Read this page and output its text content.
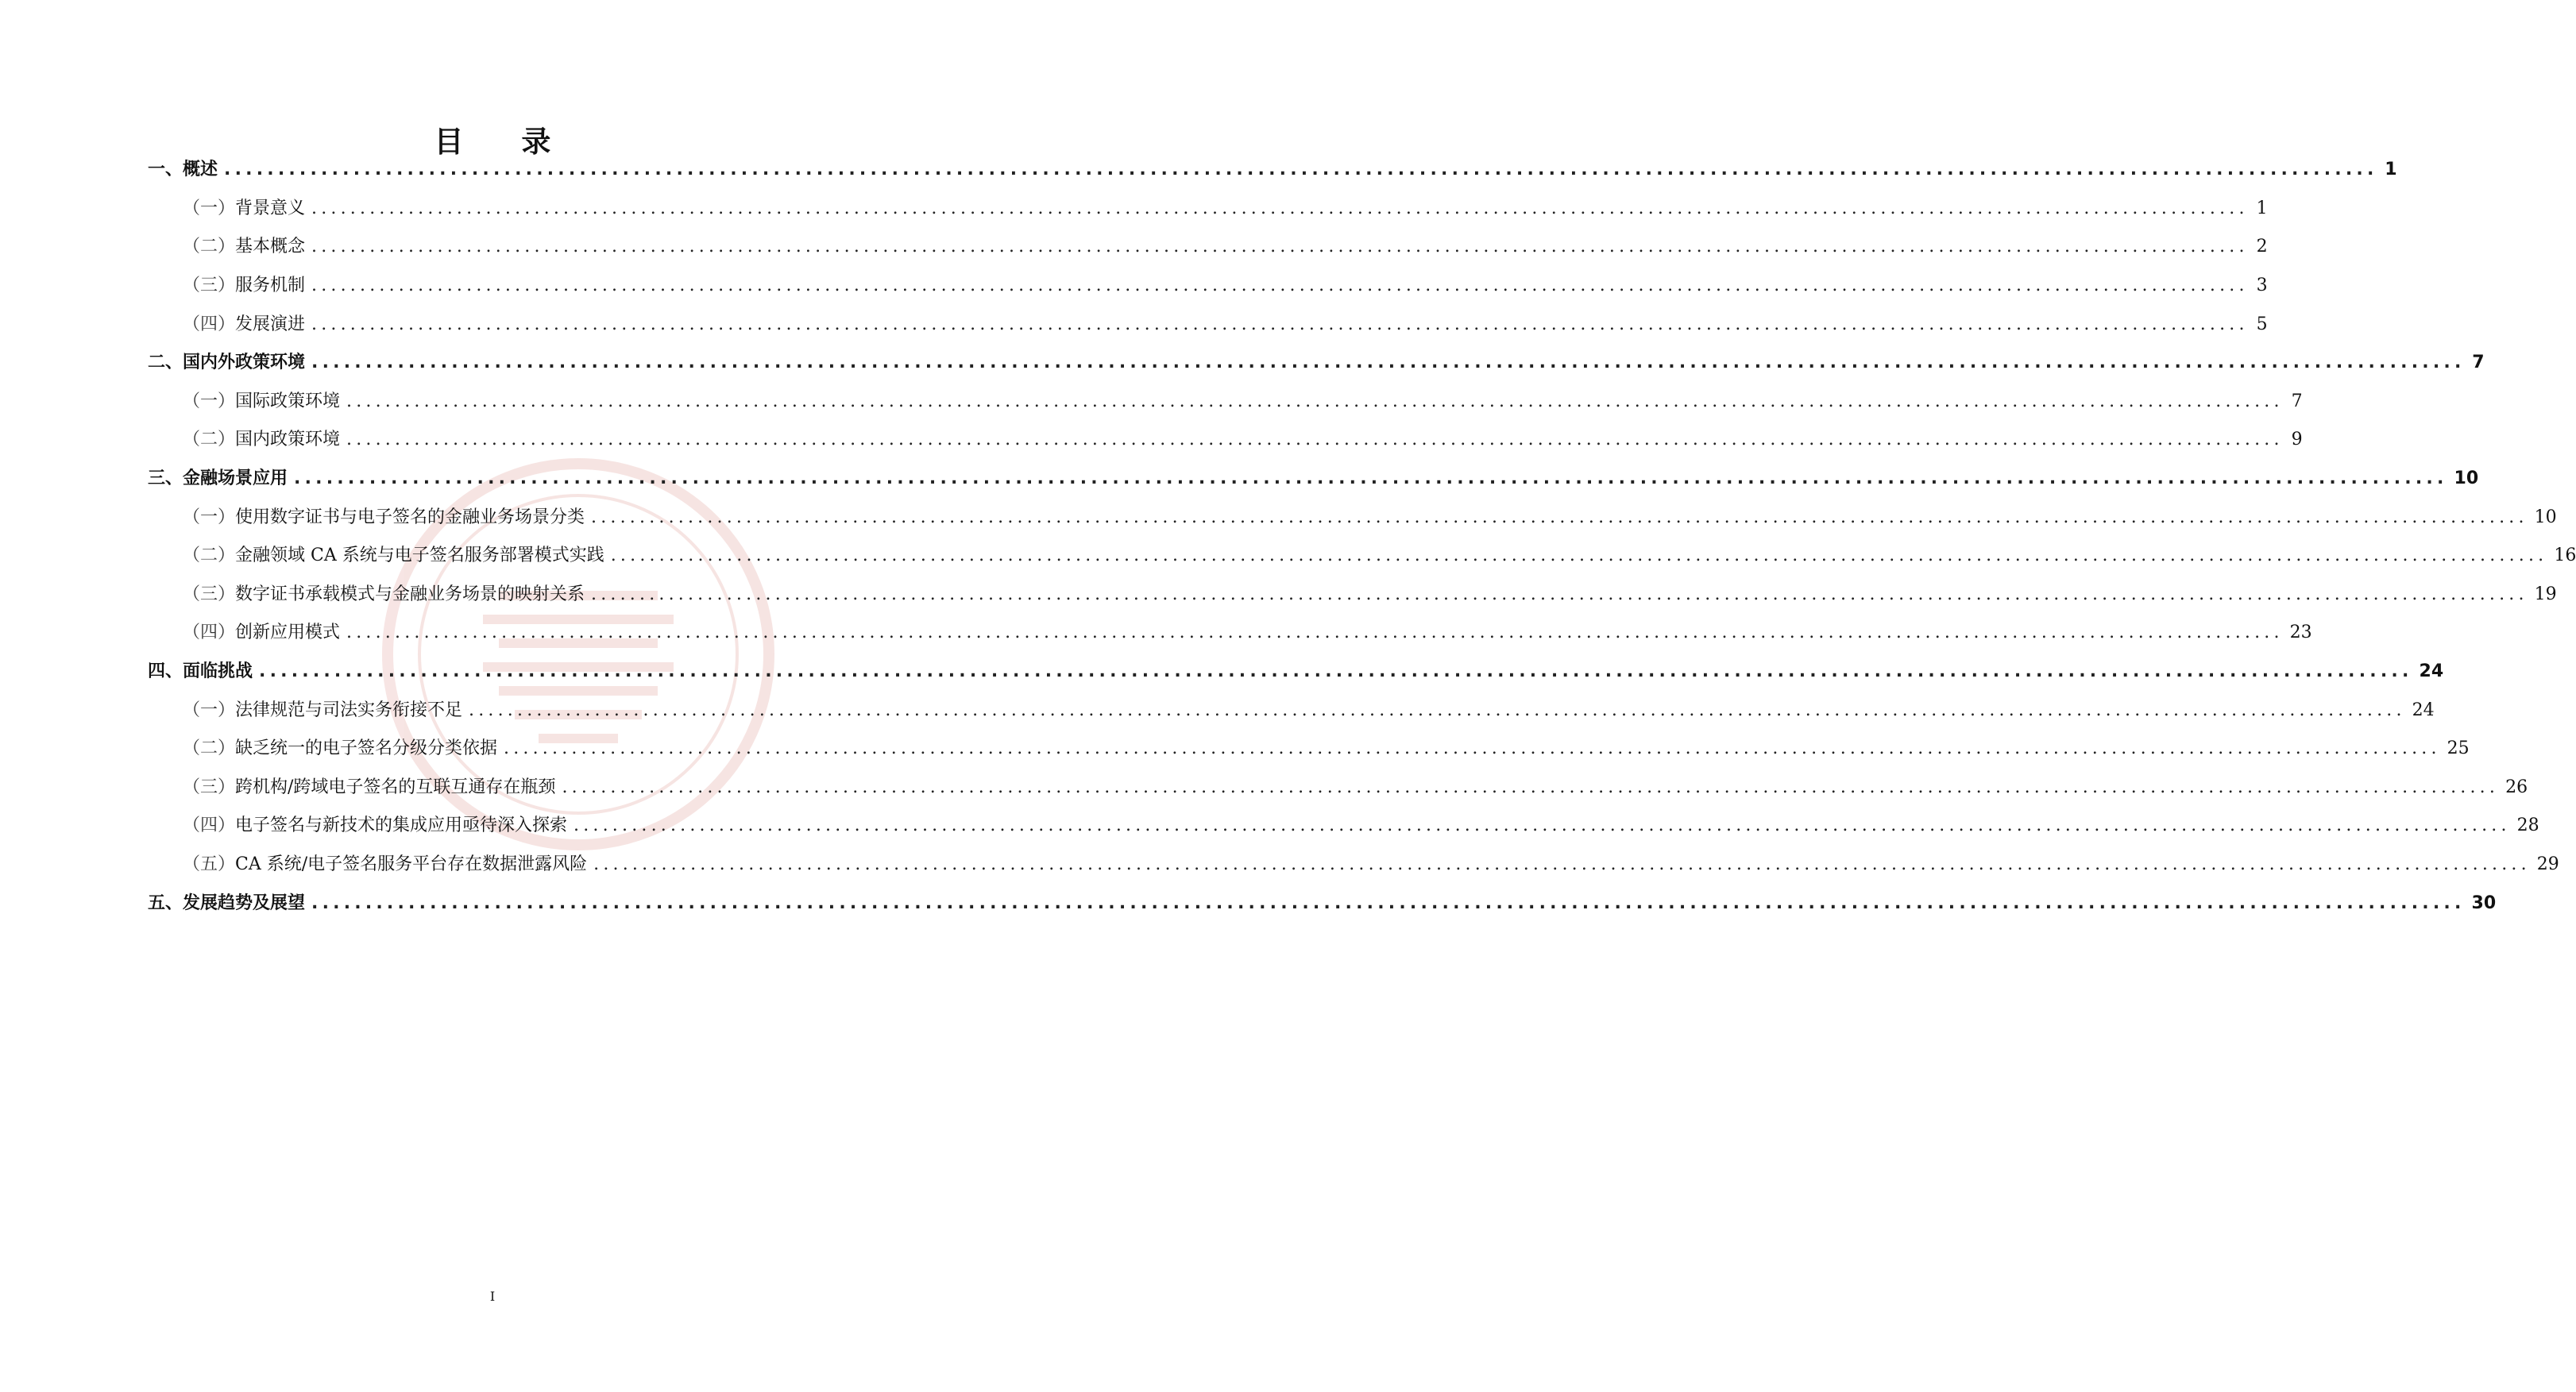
目 录
一、 概述 ........................................................................................................................................................................................................ 1
（一） 背景意义 ........................................................................................................................................................................................................ 1
（二） 基本概念 ........................................................................................................................................................................................................ 2
（三） 服务机制 ........................................................................................................................................................................................................ 3
（四） 发展演进 ........................................................................................................................................................................................................ 5
二、 国内外政策环境 ........................................................................................................................................................................................................ 7
（一） 国际政策环境 ........................................................................................................................................................................................................ 7
（二） 国内政策环境 ........................................................................................................................................................................................................ 9
三、 金融场景应用 ........................................................................................................................................................................................................ 10
（一） 使用数字证书与电子签名的金融业务场景分类 ........................................................................................................................................................................................................ 10
（二） 金融领域 CA 系统与电子签名服务部署模式实践 ........................................................................................................................................................................................................ 16
（三） 数字证书承载模式与金融业务场景的映射关系 ........................................................................................................................................................................................................ 19
（四） 创新应用模式 ........................................................................................................................................................................................................ 23
四、 面临挑战 ........................................................................................................................................................................................................ 24
（一） 法律规范与司法实务衔接不足 ........................................................................................................................................................................................................ 24
（二） 缺乏统一的电子签名分级分类依据 ........................................................................................................................................................................................................ 25
（三） 跨机构/跨域电子签名的互联互通存在瓶颈 ........................................................................................................................................................................................................ 26
（四） 电子签名与新技术的集成应用亟待深入探索 ........................................................................................................................................................................................................ 28
（五） CA 系统/电子签名服务平台存在数据泄露风险 ........................................................................................................................................................................................................ 29
五、 发展趋势及展望 ........................................................................................................................................................................................................ 30
I
